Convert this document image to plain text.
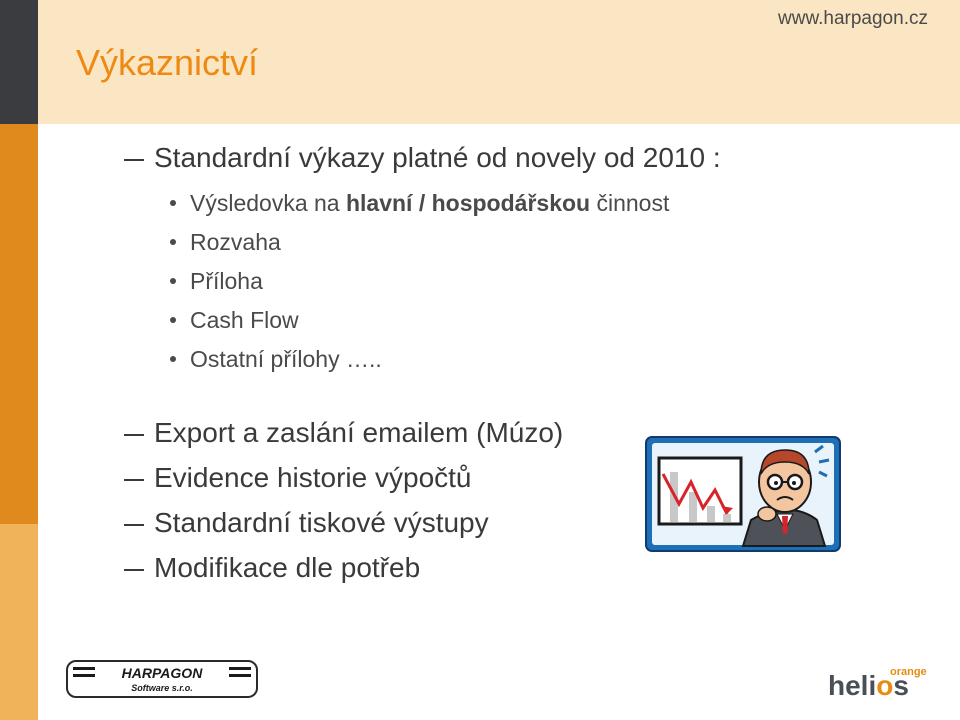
Výkaznictví
www.harpagon.cz
Standardní výkazy platné od novely od 2010 :
Výsledovka na hlavní / hospodářskou činnost
Rozvaha
Příloha
Cash Flow
Ostatní přílohy …..
Export a zaslání emailem (Múzo)
Evidence historie výpočtů
Standardní tiskové výstupy
Modifikace dle potřeb
HARPAGON
Software s.r.o.
orange
helios
